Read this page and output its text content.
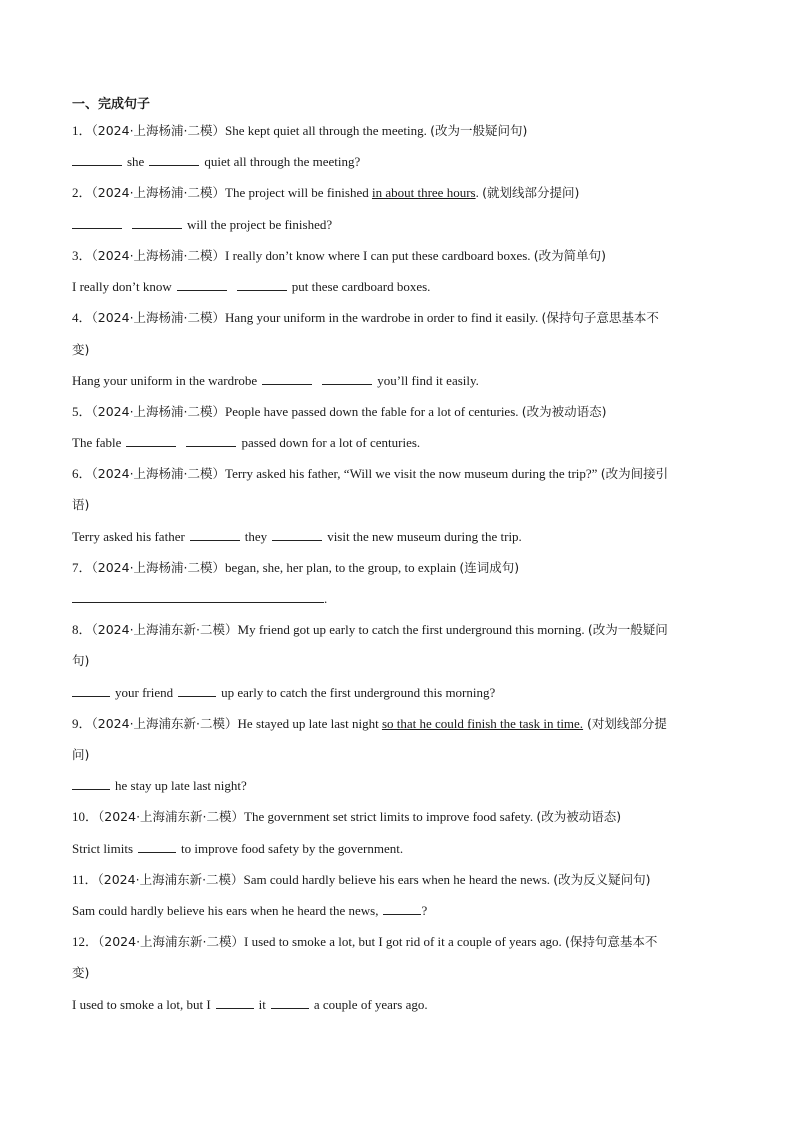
一、完成句子
1．（2024·上海杨浦·二模）She kept quiet all through the meeting. (改为一般疑问句)
she	quiet all through the meeting?
2．（2024·上海杨浦·二模）The project will be finished in about three hours. (就划线部分提问)
will the project be finished?
3．（2024·上海杨浦·二模）I really don’t know where I can put these cardboard boxes. (改为简单句)
I really don’t know	put these cardboard boxes.
4．（2024·上海杨浦·二模）Hang your uniform in the wardrobe in order to find it easily. (保持句子意思基本不
变)
Hang your uniform in the wardrobe	you’ll find it easily.
5．（2024·上海杨浦·二模）People have passed down the fable for a lot of centuries. (改为被动语态)
The fable	passed down for a lot of centuries.
6．（2024·上海杨浦·二模）Terry asked his father, “Will we visit the now museum during the trip?” (改为间接引
语)
Terry asked his father	they	visit the new museum during the trip.
7．（2024·上海杨浦·二模）began, she, her plan, to the group, to explain (连词成句)
.
8．（2024·上海浦东新·二模）My friend got up early to catch the first underground this morning. (改为一般疑问
句)
your friend	up early to catch the first underground this morning?
9．（2024·上海浦东新·二模）He stayed up late last night so that he could finish the task in time. (对划线部分提
问)
he stay up late last night?
10．（2024·上海浦东新·二模）The government set strict limits to improve food safety. (改为被动语态)
Strict limits	to improve food safety by the government.
11．（2024·上海浦东新·二模）Sam could hardly believe his ears when he heard the news. (改为反义疑问句)
Sam could hardly believe his ears when he heard the news,	?
12．（2024·上海浦东新·二模）I used to smoke a lot, but I got rid of it a couple of years ago. (保持句意基本不
变)
I used to smoke a lot, but I	it	a couple of years ago.
